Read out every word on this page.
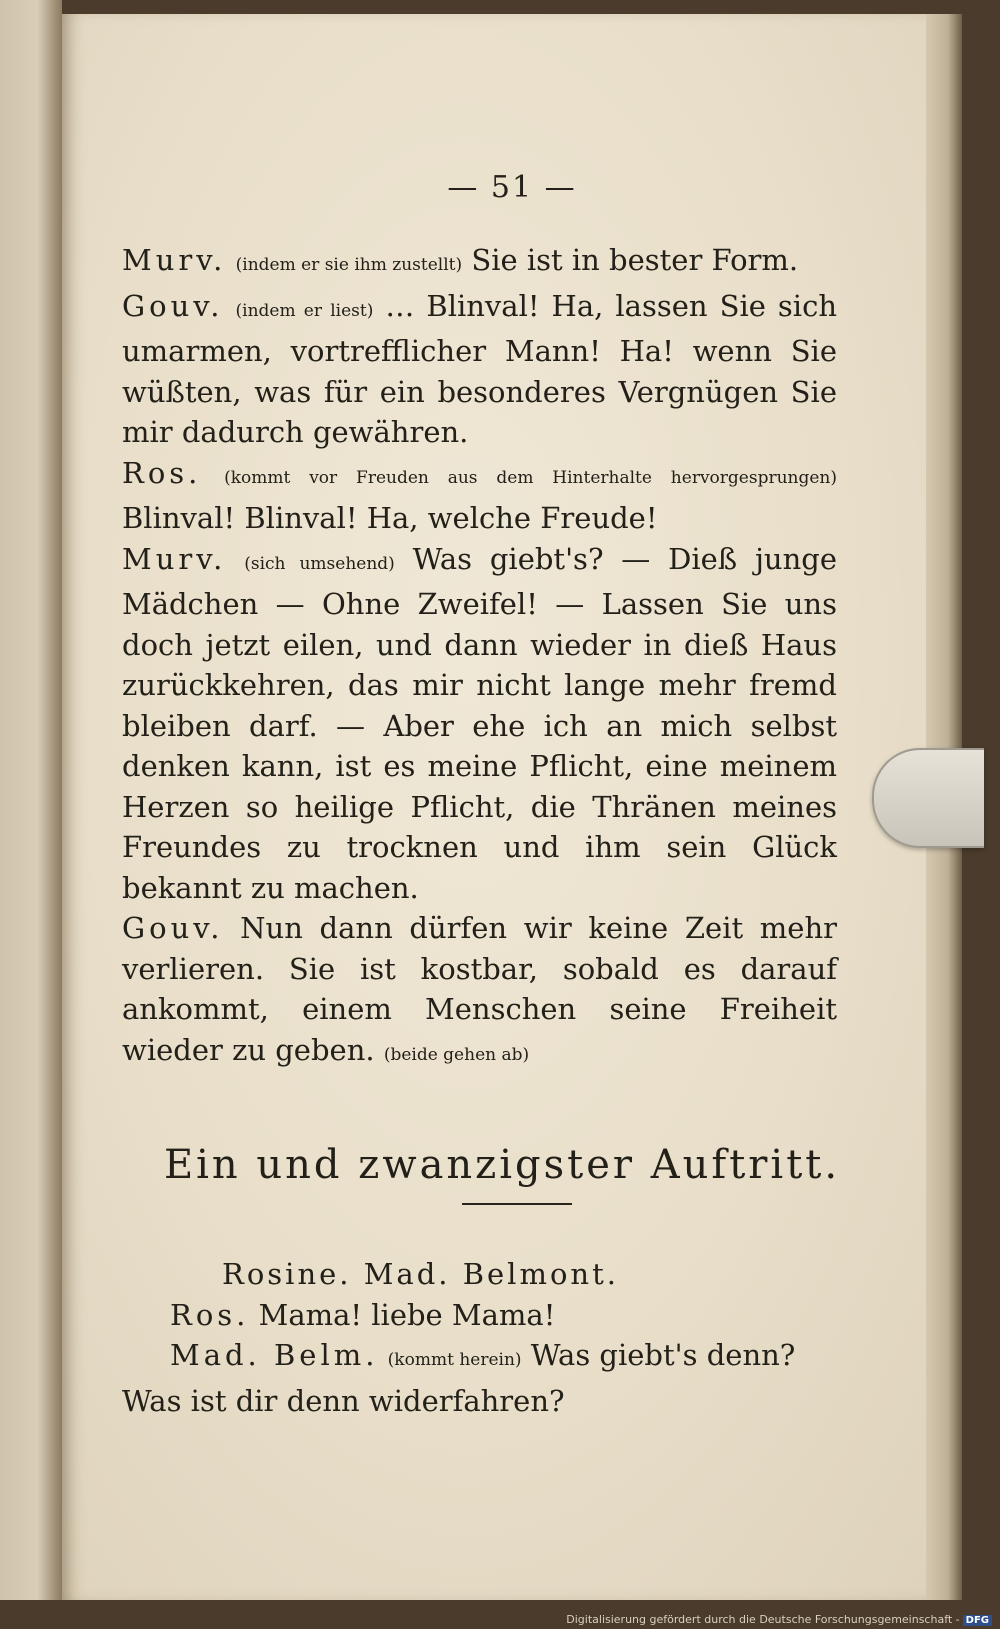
— 51 —

Murv. (indem er sie ihm zustellt) Sie ist in bester Form.

Gouv. (indem er liest) … Blinval! Ha, lassen Sie sich umarmen, vortrefflicher Mann! Ha! wenn Sie wüßten, was für ein besonderes Vergnügen Sie mir dadurch gewähren.

Ros. (kommt vor Freuden aus dem Hinterhalte hervorgesprungen) Blinval! Blinval! Ha, welche Freude!

Murv. (sich umsehend) Was giebt's? — Dieß junge Mädchen — Ohne Zweifel! — Lassen Sie uns doch jetzt eilen, und dann wieder in dieß Haus zurückkehren, das mir nicht lange mehr fremd bleiben darf. — Aber ehe ich an mich selbst denken kann, ist es meine Pflicht, eine meinem Herzen so heilige Pflicht, die Thränen meines Freundes zu trocknen und ihm sein Glück bekannt zu machen.

Gouv. Nun dann dürfen wir keine Zeit mehr verlieren. Sie ist kostbar, sobald es darauf ankommt, einem Menschen seine Freiheit wieder zu geben. (beide gehen ab)

Ein und zwanzigster Auftritt.

Rosine. Mad. Belmont.

Ros. Mama! liebe Mama!

Mad. Belm. (kommt herein) Was giebt's denn? Was ist dir denn widerfahren?

Digitalisierung gefördert durch die Deutsche Forschungsgemeinschaft - DFG
